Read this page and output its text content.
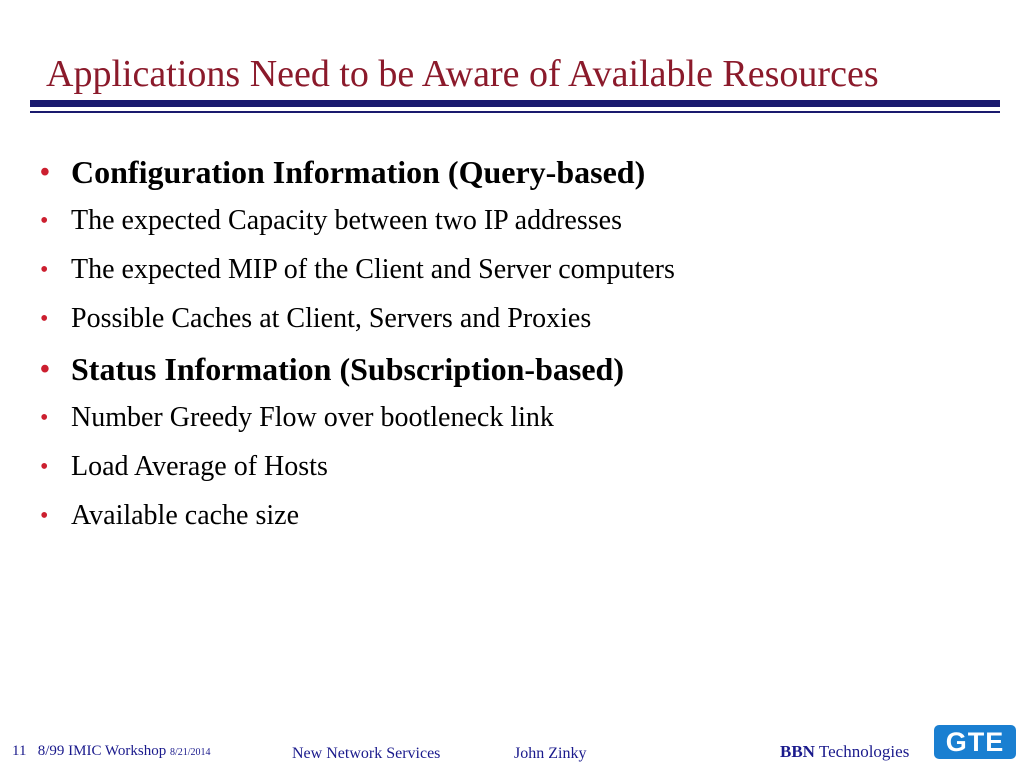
Applications Need to be Aware of Available Resources
• Configuration Information (Query-based)
• The expected Capacity between two IP addresses
• The expected MIP of the Client and Server computers
• Possible Caches at Client, Servers and Proxies
• Status Information (Subscription-based)
• Number Greedy Flow over bootleneck link
• Load Average of Hosts
• Available cache size
11 8/99 IMIC Workshop 8/21/2014	New Network Services	John Zinky	BBN Technologies	GTE
